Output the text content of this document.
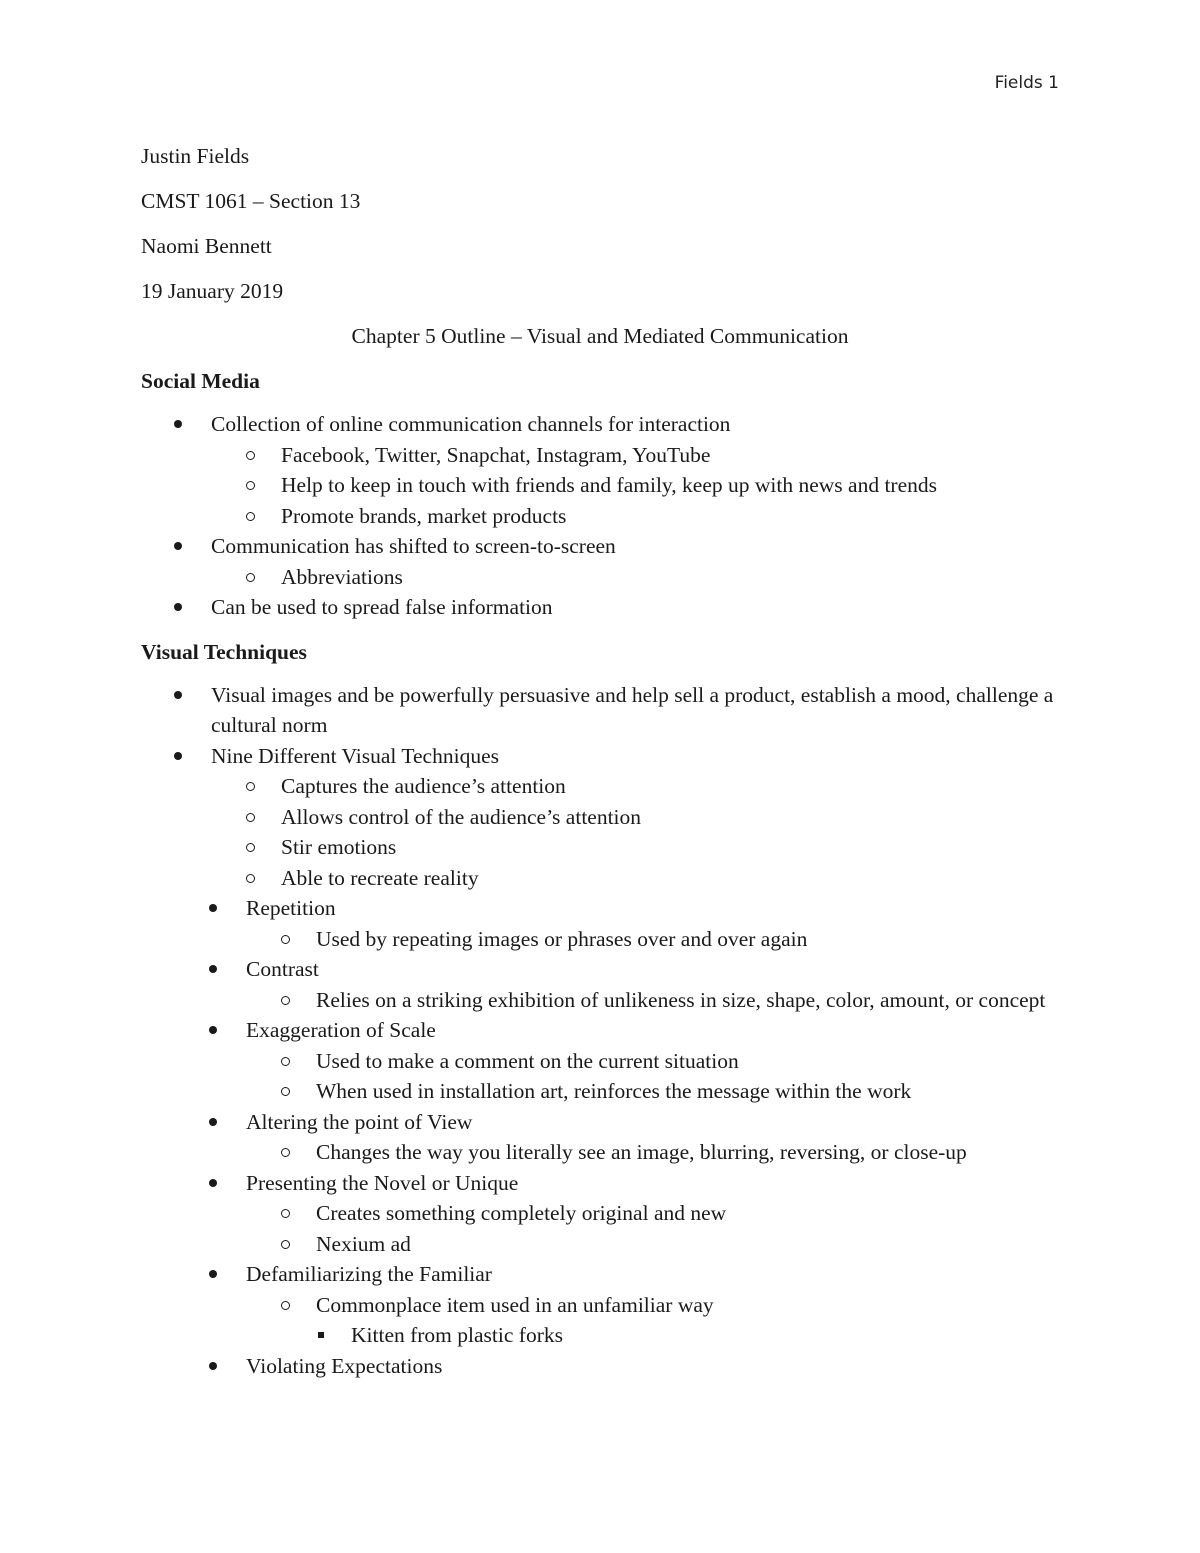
Fields 1
Justin Fields
CMST 1061 – Section 13
Naomi Bennett
19 January 2019
Chapter 5 Outline – Visual and Mediated Communication
Social Media
Collection of online communication channels for interaction
Facebook, Twitter, Snapchat, Instagram, YouTube
Help to keep in touch with friends and family, keep up with news and trends
Promote brands, market products
Communication has shifted to screen-to-screen
Abbreviations
Can be used to spread false information
Visual Techniques
Visual images and be powerfully persuasive and help sell a product, establish a mood, challenge a cultural norm
Nine Different Visual Techniques
Captures the audience’s attention
Allows control of the audience’s attention
Stir emotions
Able to recreate reality
Repetition
Used by repeating images or phrases over and over again
Contrast
Relies on a striking exhibition of unlikeness in size, shape, color, amount, or concept
Exaggeration of Scale
Used to make a comment on the current situation
When used in installation art, reinforces the message within the work
Altering the point of View
Changes the way you literally see an image, blurring, reversing, or close-up
Presenting the Novel or Unique
Creates something completely original and new
Nexium ad
Defamiliarizing the Familiar
Commonplace item used in an unfamiliar way
Kitten from plastic forks
Violating Expectations
